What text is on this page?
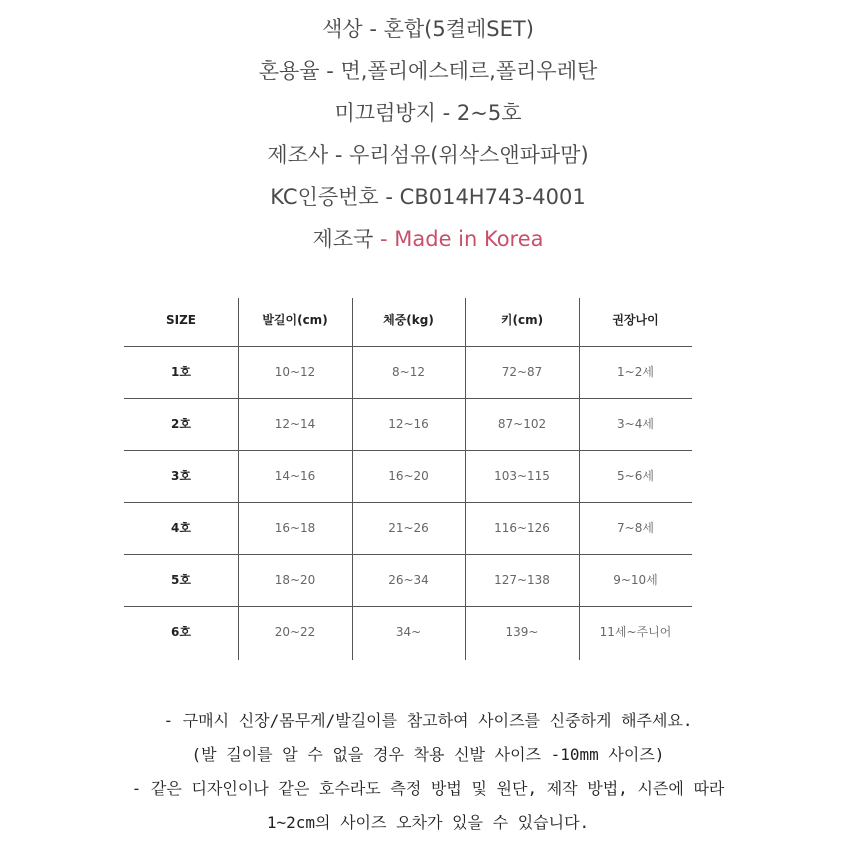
색상 - 혼합(5켤레SET)
혼용율 - 면,폴리에스테르,폴리우레탄
미끄럼방지 - 2~5호
제조사 - 우리섬유(위삭스앤파파맘)
KC인증번호 - CB014H743-4001
제조국 - Made in Korea
SIZE	발길이(cm)	체중(kg)	키(cm)	권장나이
1호	10~12	8~12	72~87	1~2세
2호	12~14	12~16	87~102	3~4세
3호	14~16	16~20	103~115	5~6세
4호	16~18	21~26	116~126	7~8세
5호	18~20	26~34	127~138	9~10세
6호	20~22	34~	139~	11세~주니어
- 구매시 신장/몸무게/발길이를 참고하여 사이즈를 신중하게 해주세요.
(발 길이를 알 수 없을 경우 착용 신발 사이즈 -10mm 사이즈)
- 같은 디자인이나 같은 호수라도 측정 방법 및 원단, 제작 방법, 시즌에 따라
1~2cm의 사이즈 오차가 있을 수 있습니다.
